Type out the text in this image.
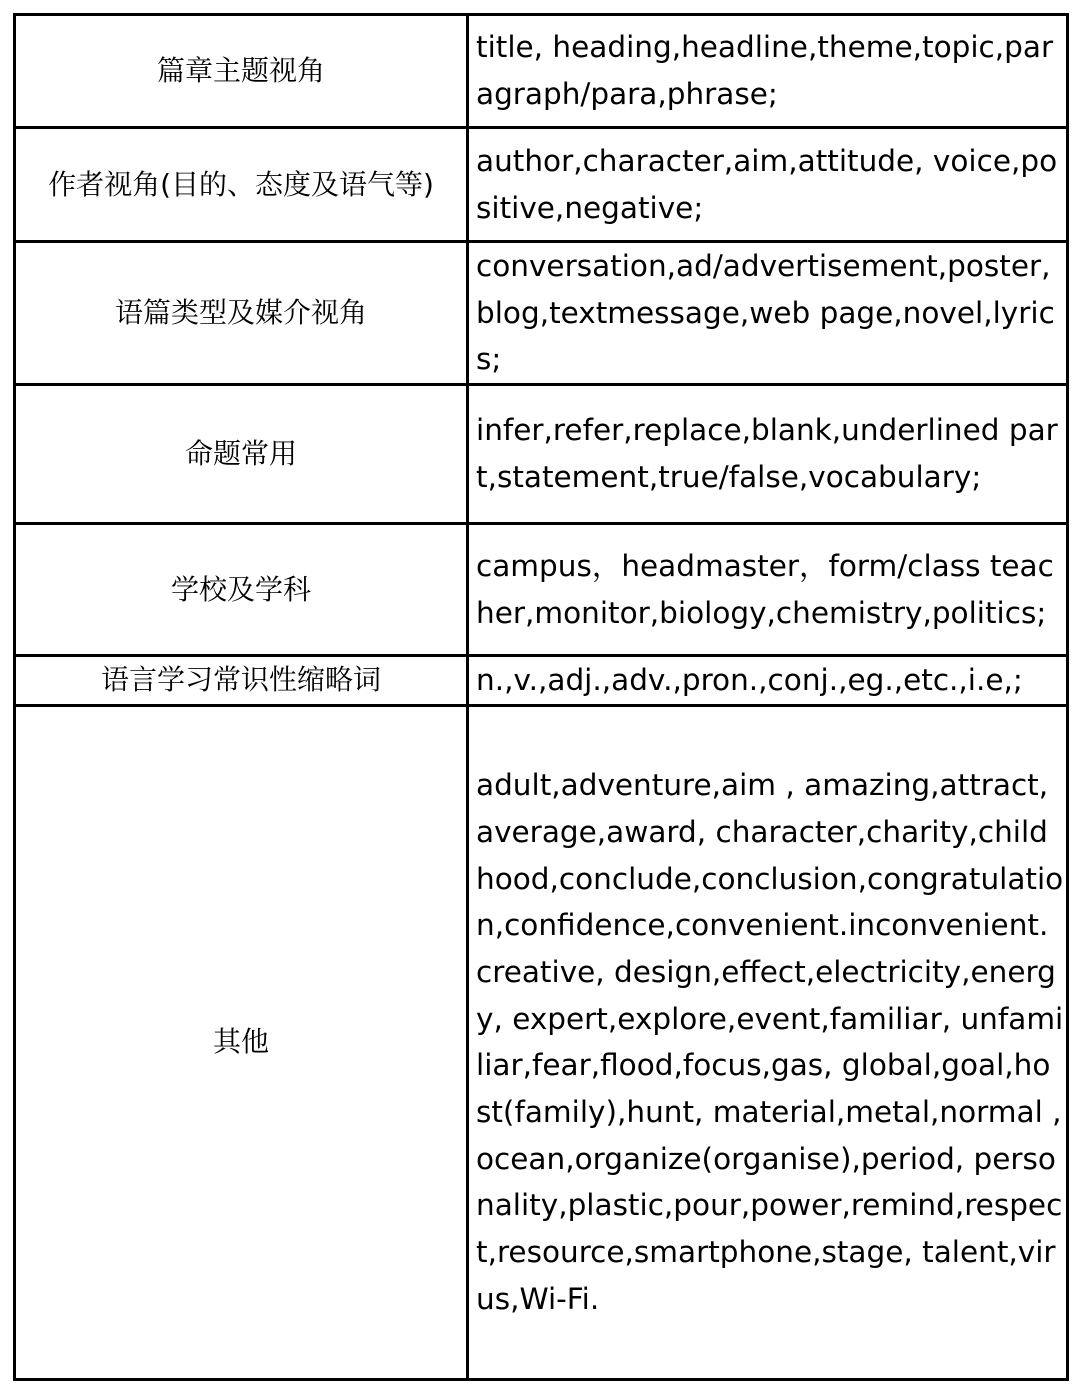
篇章主题视角	title, heading,headline,theme,topic,paragraph/para,phrase;

作者视角(目的、态度及语气等)	author,character,aim,attitude, voice,positive,negative;

语篇类型及媒介视角	conversation,ad/advertisement,poster, blog,textmessage,web page,novel,lyrics;

命题常用	infer,refer,replace,blank,underlined part,statement,true/false,vocabulary;

学校及学科	campus，headmaster，form/class teacher,monitor,biology,chemistry,politics;

语言学习常识性缩略词	n.,v.,adj.,adv.,pron.,conj.,eg.,etc.,i.e,;

其他	adult,adventure,aim , amazing,attract,average,award, character,charity,childhood,conclude,conclusion,congratulation,confidence,convenient.inconvenient.creative, design,effect,electricity,energy, expert,explore,event,familiar, unfamiliar,fear,flood,focus,gas, global,goal,host(family),hunt, material,metal,normal , ocean,organize(organise),period, personality,plastic,pour,power,remind,respect,resource,smartphone,stage, talent,virus,Wi-Fi.
